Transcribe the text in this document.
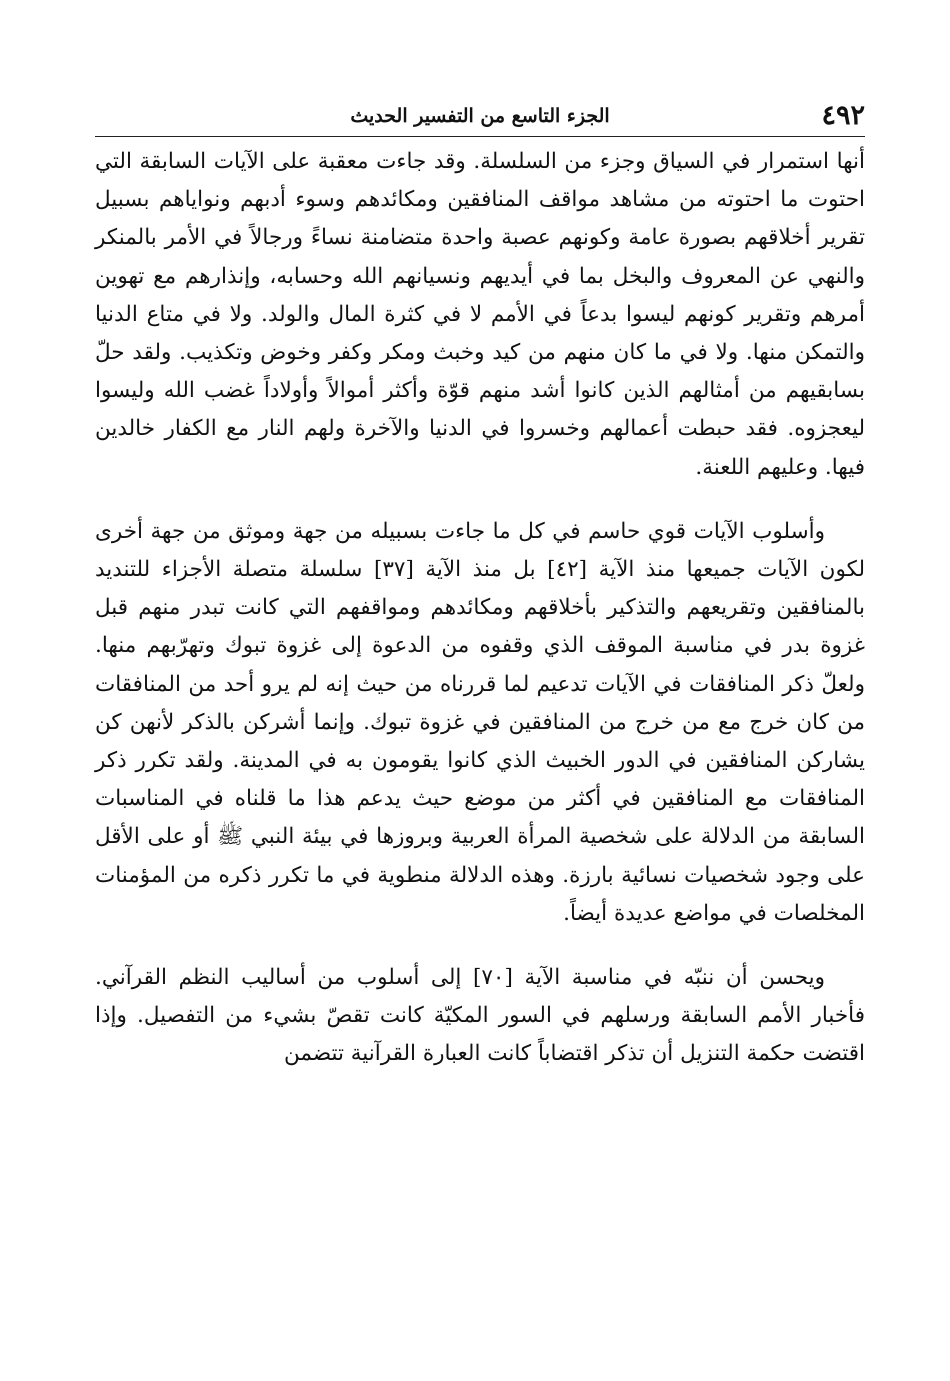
٤٩٢
الجزء التاسع من التفسير الحديث

أنها استمرار في السياق وجزء من السلسلة. وقد جاءت معقبة على الآيات السابقة التي احتوت ما احتوته من مشاهد مواقف المنافقين ومكائدهم وسوء أدبهم ونواياهم بسبيل تقرير أخلاقهم بصورة عامة وكونهم عصبة واحدة متضامنة نساءً ورجالاً في الأمر بالمنكر والنهي عن المعروف والبخل بما في أيديهم ونسيانهم الله وحسابه، وإنذارهم مع تهوين أمرهم وتقرير كونهم ليسوا بدعاً في الأمم لا في كثرة المال والولد. ولا في متاع الدنيا والتمكن منها. ولا في ما كان منهم من كيد وخبث ومكر وكفر وخوض وتكذيب. ولقد حلّ بسابقيهم من أمثالهم الذين كانوا أشد منهم قوّة وأكثر أموالاً وأولاداً غضب الله وليسوا ليعجزوه. فقد حبطت أعمالهم وخسروا في الدنيا والآخرة ولهم النار مع الكفار خالدين فيها. وعليهم اللعنة.

وأسلوب الآيات قوي حاسم في كل ما جاءت بسبيله من جهة وموثق من جهة أخرى لكون الآيات جميعها منذ الآية [٤٢] بل منذ الآية [٣٧] سلسلة متصلة الأجزاء للتنديد بالمنافقين وتقريعهم والتذكير بأخلاقهم ومكائدهم ومواقفهم التي كانت تبدر منهم قبل غزوة بدر في مناسبة الموقف الذي وقفوه من الدعوة إلى غزوة تبوك وتهرّبهم منها. ولعلّ ذكر المنافقات في الآيات تدعيم لما قررناه من حيث إنه لم يرو أحد من المنافقات من كان خرج مع من خرج من المنافقين في غزوة تبوك. وإنما أشركن بالذكر لأنهن كن يشاركن المنافقين في الدور الخبيث الذي كانوا يقومون به في المدينة. ولقد تكرر ذكر المنافقات مع المنافقين في أكثر من موضع حيث يدعم هذا ما قلناه في المناسبات السابقة من الدلالة على شخصية المرأة العربية وبروزها في بيئة النبي ﷺ أو على الأقل على وجود شخصيات نسائية بارزة. وهذه الدلالة منطوية في ما تكرر ذكره من المؤمنات المخلصات في مواضع عديدة أيضاً.

ويحسن أن ننبّه في مناسبة الآية [٧٠] إلى أسلوب من أساليب النظم القرآني. فأخبار الأمم السابقة ورسلهم في السور المكيّة كانت تقصّ بشيء من التفصيل. وإذا اقتضت حكمة التنزيل أن تذكر اقتضاباً كانت العبارة القرآنية تتضمن
